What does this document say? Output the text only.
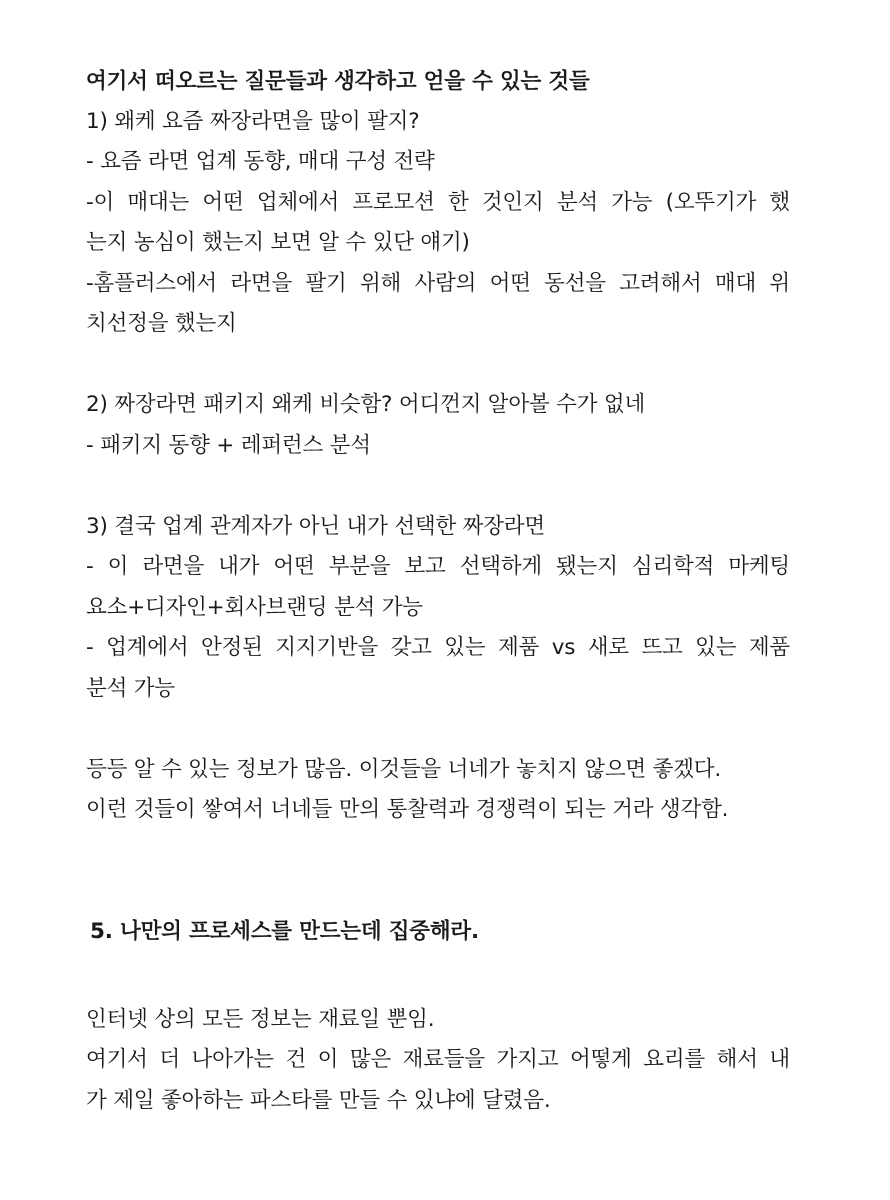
여기서 떠오르는 질문들과 생각하고 얻을 수 있는 것들
1) 왜케 요즘 짜장라면을 많이 팔지?
- 요즘 라면 업계 동향, 매대 구성 전략
-이 매대는 어떤 업체에서 프로모션 한 것인지 분석 가능 (오뚜기가 했
는지 농심이 했는지 보면 알 수 있단 얘기)
-홈플러스에서 라면을 팔기 위해 사람의 어떤 동선을 고려해서 매대 위
치선정을 했는지
2) 짜장라면 패키지 왜케 비슷함? 어디껀지 알아볼 수가 없네
- 패키지 동향 + 레퍼런스 분석
3) 결국 업계 관계자가 아닌 내가 선택한 짜장라면
- 이 라면을 내가 어떤 부분을 보고 선택하게 됐는지 심리학적 마케팅
요소+디자인+회사브랜딩 분석 가능
- 업계에서 안정된 지지기반을 갖고 있는 제품 vs 새로 뜨고 있는 제품
분석 가능
등등 알 수 있는 정보가 많음. 이것들을 너네가 놓치지 않으면 좋겠다.
이런 것들이 쌓여서 너네들 만의 통찰력과 경쟁력이 되는 거라 생각함.
5. 나만의 프로세스를 만드는데 집중해라.
인터넷 상의 모든 정보는 재료일 뿐임.
여기서 더 나아가는 건 이 많은 재료들을 가지고 어떻게 요리를 해서 내
가 제일 좋아하는 파스타를 만들 수 있냐에 달렸음.
